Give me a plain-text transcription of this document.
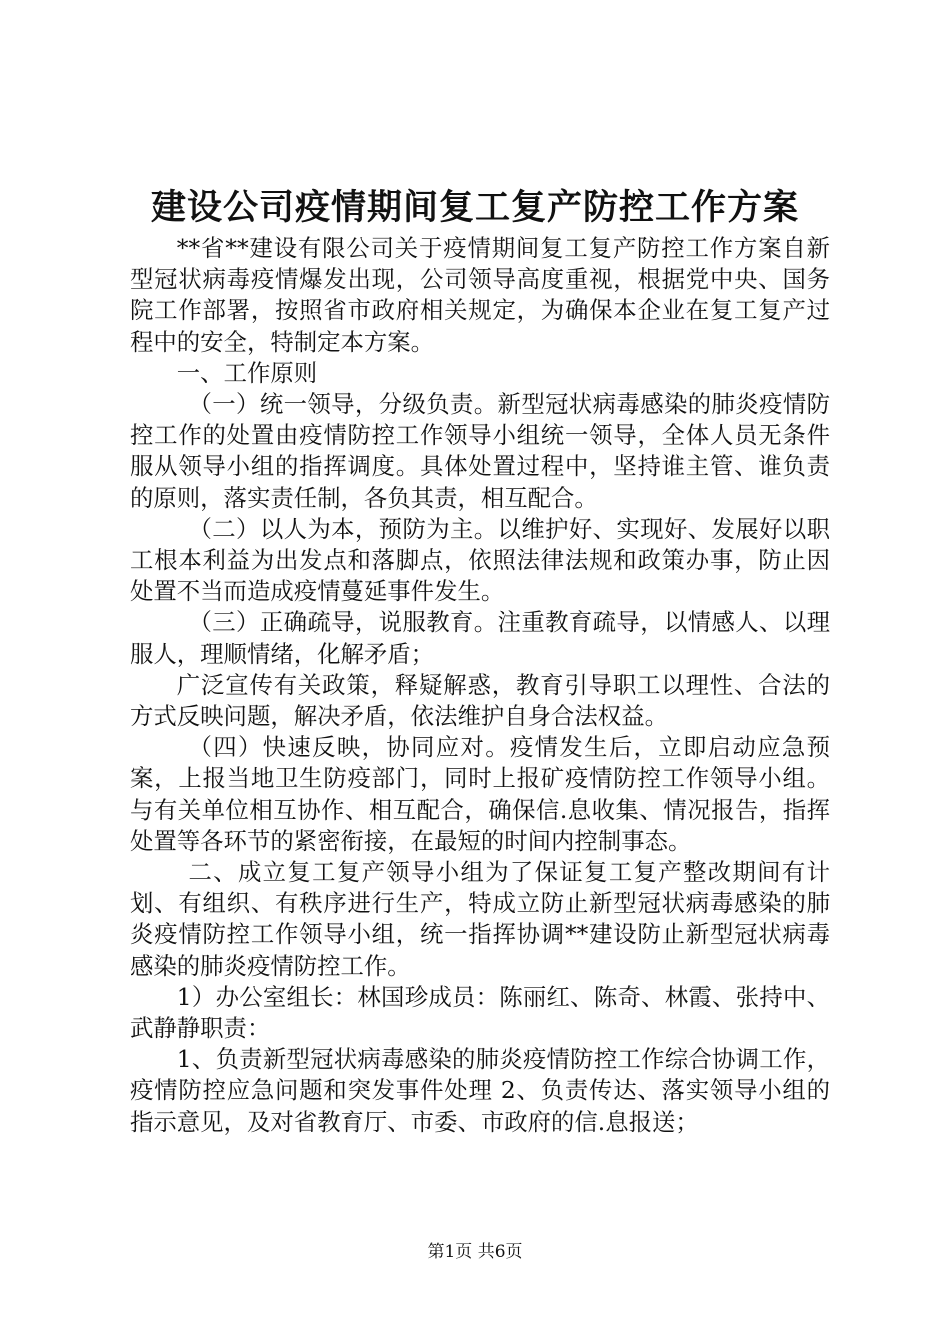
建设公司疫情期间复工复产防控工作方案

**省**建设有限公司关于疫情期间复工复产防控工作方案自新型冠状病毒疫情爆发出现，公司领导高度重视，根据党中央、国务院工作部署，按照省市政府相关规定，为确保本企业在复工复产过程中的安全，特制定本方案。

一、工作原则

（一）统一领导，分级负责。新型冠状病毒感染的肺炎疫情防控工作的处置由疫情防控工作领导小组统一领导，全体人员无条件服从领导小组的指挥调度。具体处置过程中，坚持谁主管、谁负责的原则，落实责任制，各负其责，相互配合。

（二）以人为本，预防为主。以维护好、实现好、发展好以职工根本利益为出发点和落脚点，依照法律法规和政策办事，防止因处置不当而造成疫情蔓延事件发生。

（三）正确疏导，说服教育。注重教育疏导，以情感人、以理服人，理顺情绪，化解矛盾；

广泛宣传有关政策，释疑解惑，教育引导职工以理性、合法的方式反映问题，解决矛盾，依法维护自身合法权益。

（四）快速反映，协同应对。疫情发生后，立即启动应急预案，上报当地卫生防疫部门，同时上报矿疫情防控工作领导小组。与有关单位相互协作、相互配合，确保信.息收集、情况报告，指挥处置等各环节的紧密衔接，在最短的时间内控制事态。

二、成立复工复产领导小组为了保证复工复产整改期间有计划、有组织、有秩序进行生产，特成立防止新型冠状病毒感染的肺炎疫情防控工作领导小组，统一指挥协调**建设防止新型冠状病毒感染的肺炎疫情防控工作。

1）办公室组长：林国珍成员：陈丽红、陈奇、林霞、张持中、武静静职责：

1、负责新型冠状病毒感染的肺炎疫情防控工作综合协调工作，疫情防控应急问题和突发事件处理 2、负责传达、落实领导小组的指示意见，及对省教育厅、市委、市政府的信.息报送；

第1页 共6页
